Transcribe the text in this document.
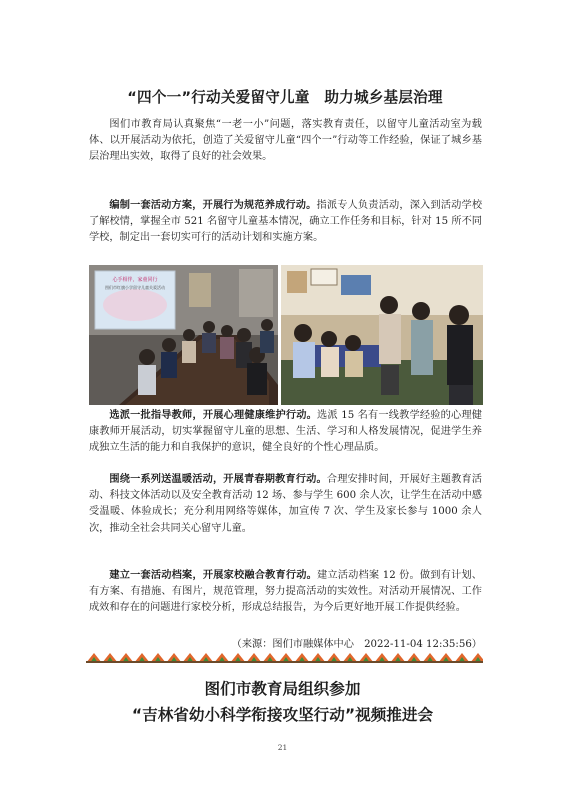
“四个一”行动关爱留守儿童　助力城乡基层治理

图们市教育局认真聚焦“一老一小”问题，落实教育责任，以留守儿童活动室为载体、以开展活动为依托，创造了关爱留守儿童“四个一”行动等工作经验，保证了城乡基层治理出实效，取得了良好的社会效果。

编制一套活动方案，开展行为规范养成行动。指派专人负责活动，深入到活动学校了解校情，掌握全市 521 名留守儿童基本情况，确立工作任务和目标，针对 15 所不同学校，制定出一套切实可行的活动计划和实施方案。

心手相伴，家童同行
图们市红旗小学留守儿童关爱活动

选派一批指导教师，开展心理健康维护行动。选派 15 名有一线教学经验的心理健康教师开展活动，切实掌握留守儿童的思想、生活、学习和人格发展情况，促进学生养成独立生活的能力和自我保护的意识，健全良好的个性心理品质。

围绕一系列送温暖活动，开展青春期教育行动。合理安排时间，开展好主题教育活动、科技文体活动以及安全教育活动 12 场、参与学生 600 余人次，让学生在活动中感受温暖、体验成长；充分利用网络等媒体，加宣传 7 次、学生及家长参与 1000 余人次，推动全社会共同关心留守儿童。

建立一套活动档案，开展家校融合教育行动。建立活动档案 12 份。做到有计划、有方案、有措施、有图片，规范管理，努力提高活动的实效性。对活动开展情况、工作成效和存在的问题进行家校分析，形成总结报告，为今后更好地开展工作提供经验。

（来源：图们市融媒体中心　2022-11-04 12:35:56）
图们市教育局组织参加
“吉林省幼小科学衔接攻坚行动”视频推进会
21
